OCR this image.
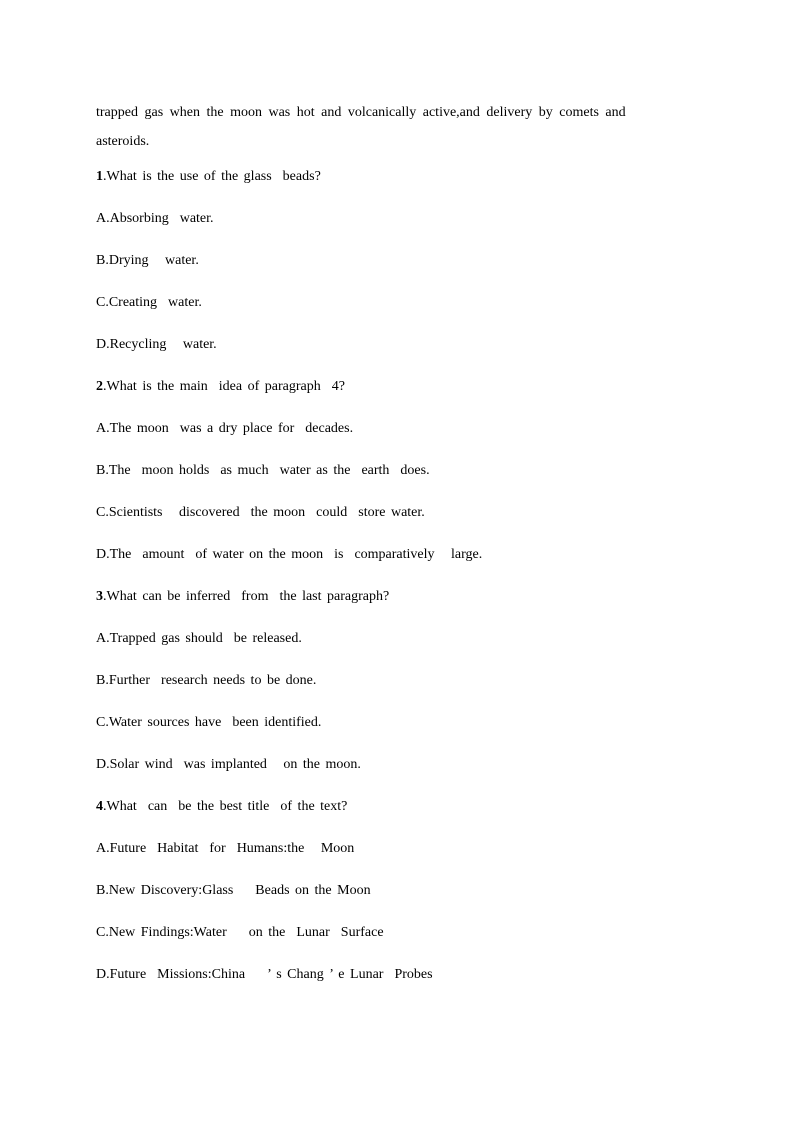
trapped gas when the moon was hot and volcanically active,and delivery by comets and asteroids.

1.What is the use of the glass  beads?
A.Absorbing  water.
B.Drying   water.
C.Creating  water.
D.Recycling   water.
2.What is the main  idea of paragraph  4?
A.The moon  was a dry place for  decades.
B.The  moon holds  as much  water as the  earth  does.
C.Scientists   discovered  the moon  could  store water.
D.The  amount  of water on the moon  is  comparatively   large.
3.What can be inferred  from  the last paragraph?
A.Trapped gas should  be released.
B.Further  research needs to be done.
C.Water sources have  been identified.
D.Solar wind  was implanted   on the moon.
4.What  can  be the best title  of the text?
A.Future  Habitat  for  Humans:the   Moon
B.New Discovery:Glass    Beads on the Moon
C.New Findings:Water    on the  Lunar  Surface
D.Future  Missions:China    ’ s Chang ’ e Lunar  Probes
